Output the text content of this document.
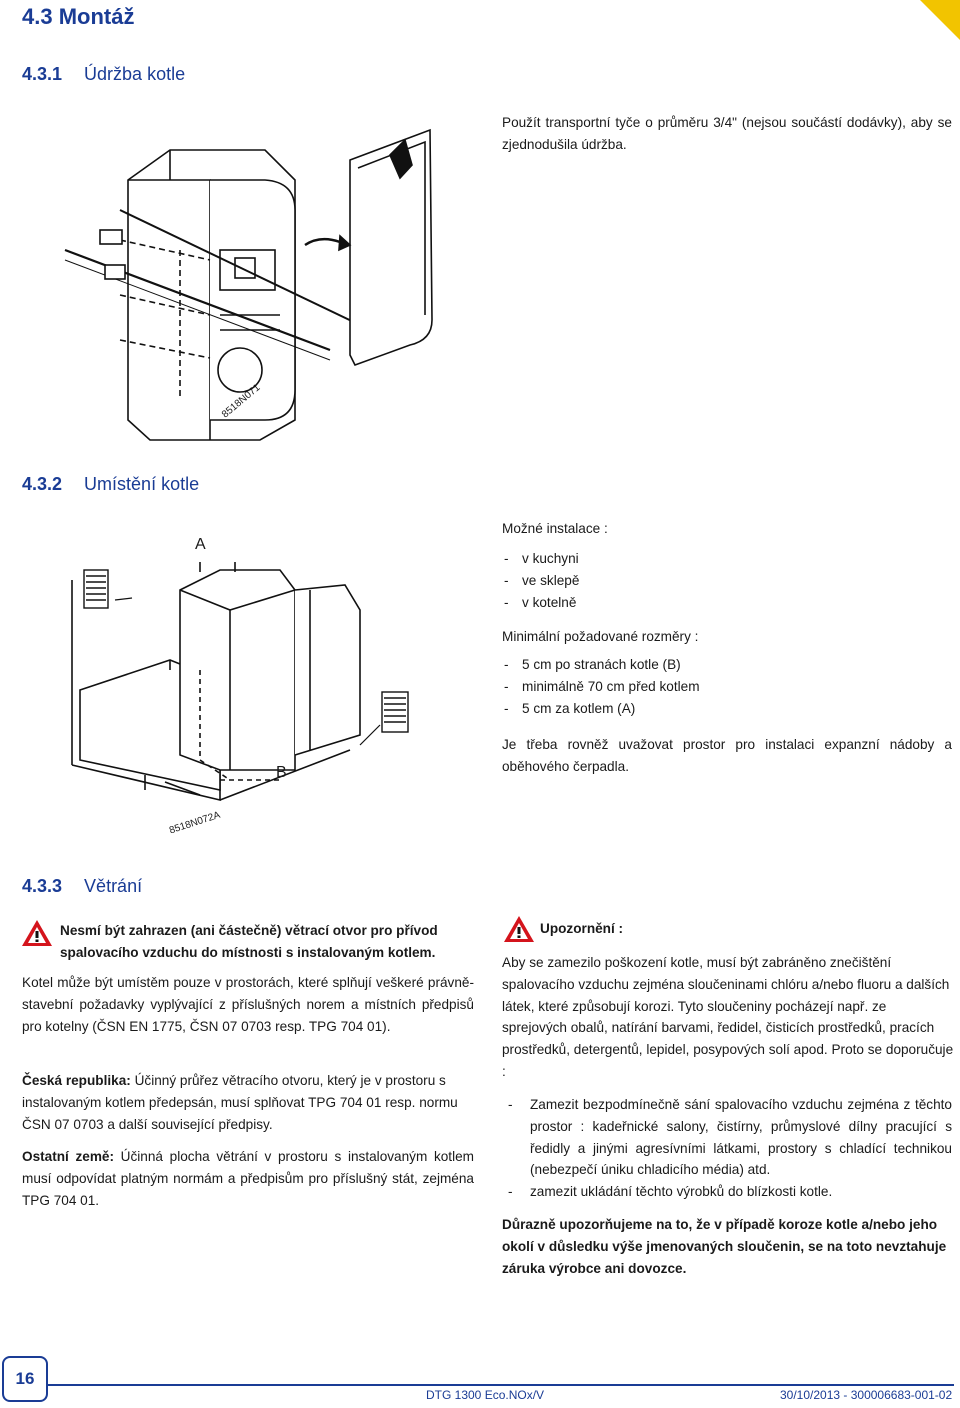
4.3 Montáž
4.3.1 Údržba kotle
Použít transportní tyče o průměru 3/4" (nejsou součástí dodávky), aby se zjednodušila údržba.
8518N071
4.3.2 Umístění kotle
A
B
8518N072A
Možné instalace :
- v kuchyni
- ve sklepě
- v kotelně
Minimální požadované rozměry :
- 5 cm po stranách kotle (B)
- minimálně 70 cm před kotlem
- 5 cm za kotlem (A)
Je třeba rovněž uvažovat prostor pro instalaci expanzní nádoby a oběhového čerpadla.
4.3.3 Větrání
Nesmí být zahrazen (ani částečně) větrací otvor pro přívod spalovacího vzduchu do místnosti s instalovaným kotlem.
Kotel může být umístěm pouze v prostorách, které splňují veškeré právně-stavební požadavky vyplývající z příslušných norem a místních předpisů pro kotelny (ČSN EN 1775, ČSN 07 0703 resp. TPG 704 01).
Česká republika: Účinný průřez větracího otvoru, který je v prostoru s instalovaným kotlem předepsán, musí splňovat TPG 704 01 resp. normu ČSN 07 0703 a další související předpisy.
Ostatní země: Účinná plocha větrání v prostoru s instalovaným kotlem musí odpovídat platným normám a předpisům pro příslušný stát, zejména TPG 704 01.
Upozornění :
Aby se zamezilo poškození kotle, musí být zabráněno znečištění spalovacího vzduchu zejména sloučeninami chlóru a/nebo fluoru a dalších látek, které způsobují korozi. Tyto sloučeniny pocházejí např. ze sprejových obalů, natírání barvami, ředidel, čisticích prostředků, pracích prostředků, detergentů, lepidel, posypových solí apod. Proto se doporučuje :
- Zamezit bezpodmínečně sání spalovacího vzduchu zejména z těchto prostor : kadeřnické salony, čistírny, průmyslové dílny pracující s ředidly a jinými agresívními látkami, prostory s chladící technikou (nebezpečí úniku chladicího média) atd.
- zamezit ukládání těchto výrobků do blízkosti kotle.
Důrazně upozorňujeme na to, že v případě koroze kotle a/nebo jeho okolí v důsledku výše jmenovaných sloučenin, se na toto nevztahuje záruka výrobce ani dovozce.
16
DTG 1300 Eco.NOx/V	30/10/2013 - 300006683-001-02
